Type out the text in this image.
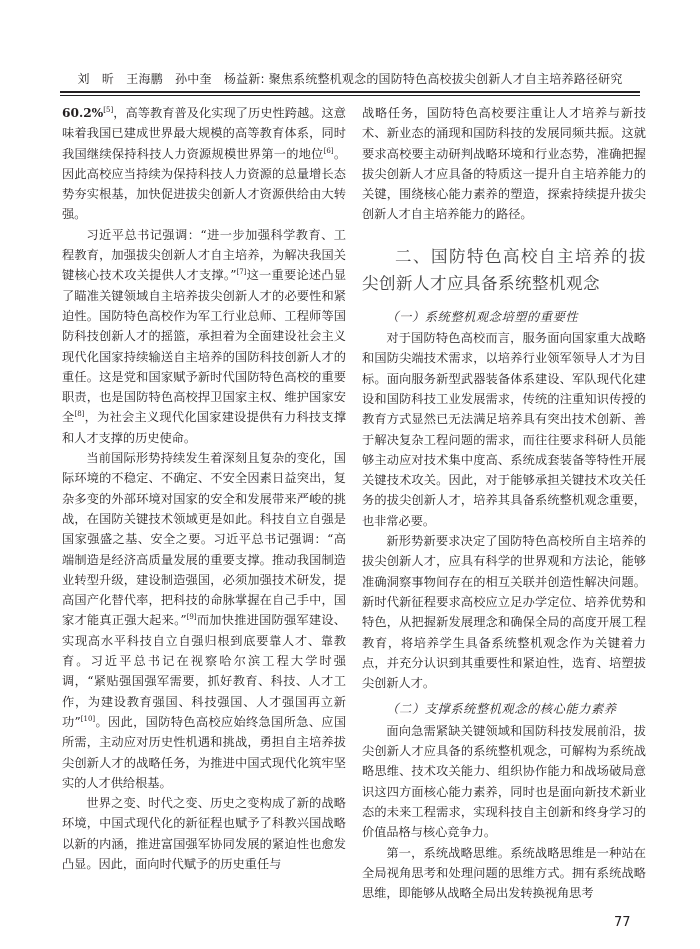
刘　昕　王海鹏　孙中奎　杨益新: 聚焦系统整机观念的国防特色高校拔尖创新人才自主培养路径研究

60.2%[5]，高等教育普及化实现了历史性跨越。这意味着我国已建成世界最大规模的高等教育体系，同时我国继续保持科技人力资源规模世界第一的地位[6]。因此高校应当持续为保持科技人力资源的总量增长态势夯实根基，加快促进拔尖创新人才资源供给由大转强。

习近平总书记强调：“进一步加强科学教育、工程教育，加强拔尖创新人才自主培养，为解决我国关键核心技术攻关提供人才支撑。”[7]这一重要论述凸显了瞄准关键领域自主培养拔尖创新人才的必要性和紧迫性。国防特色高校作为军工行业总师、工程师等国防科技创新人才的摇篮，承担着为全面建设社会主义现代化国家持续输送自主培养的国防科技创新人才的重任。这是党和国家赋予新时代国防特色高校的重要职责，也是国防特色高校捍卫国家主权、维护国家安全[8]，为社会主义现代化国家建设提供有力科技支撑和人才支撑的历史使命。

当前国际形势持续发生着深刻且复杂的变化，国际环境的不稳定、不确定、不安全因素日益突出，复杂多变的外部环境对国家的安全和发展带来严峻的挑战，在国防关键技术领域更是如此。科技自立自强是国家强盛之基、安全之要。习近平总书记强调：“高端制造是经济高质量发展的重要支撑。推动我国制造业转型升级，建设制造强国，必须加强技术研发，提高国产化替代率，把科技的命脉掌握在自己手中，国家才能真正强大起来。”[9]而加快推进国防强军建设、实现高水平科技自立自强归根到底要靠人才、靠教育。习近平总书记在视察哈尔滨工程大学时强调，“紧贴强国强军需要，抓好教育、科技、人才工作，为建设教育强国、科技强国、人才强国再立新功”[10]。因此，国防特色高校应始终急国所急、应国所需，主动应对历史性机遇和挑战，勇担自主培养拔尖创新人才的战略任务，为推进中国式现代化筑牢坚实的人才供给根基。

世界之变、时代之变、历史之变构成了新的战略环境，中国式现代化的新征程也赋予了科教兴国战略以新的内涵，推进富国强军协同发展的紧迫性也愈发凸显。因此，面向时代赋予的历史重任与

战略任务，国防特色高校要注重让人才培养与新技术、新业态的涌现和国防科技的发展同频共振。这就要求高校要主动研判战略环境和行业态势，准确把握拔尖创新人才应具备的特质这一提升自主培养能力的关键，围绕核心能力素养的塑造，探索持续提升拔尖创新人才自主培养能力的路径。

二、国防特色高校自主培养的拔尖创新人才应具备系统整机观念

（一）系统整机观念培塑的重要性

对于国防特色高校而言，服务面向国家重大战略和国防尖端技术需求，以培养行业领军领导人才为目标。面向服务新型武器装备体系建设、军队现代化建设和国防科技工业发展需求，传统的注重知识传授的教育方式显然已无法满足培养具有突出技术创新、善于解决复杂工程问题的需求，而往往要求科研人员能够主动应对技术集中度高、系统成套装备等特性开展关键技术攻关。因此，对于能够承担关键技术攻关任务的拔尖创新人才，培养其具备系统整机观念重要，也非常必要。

新形势新要求决定了国防特色高校所自主培养的拔尖创新人才，应具有科学的世界观和方法论，能够准确洞察事物间存在的相互关联并创造性解决问题。新时代新征程要求高校应立足办学定位、培养优势和特色，从把握新发展理念和确保全局的高度开展工程教育，将培养学生具备系统整机观念作为关键着力点，并充分认识到其重要性和紧迫性，选育、培塑拔尖创新人才。

（二）支撑系统整机观念的核心能力素养

面向急需紧缺关键领域和国防科技发展前沿，拔尖创新人才应具备的系统整机观念，可解构为系统战略思维、技术攻关能力、组织协作能力和战场破局意识这四方面核心能力素养，同时也是面向新技术新业态的未来工程需求，实现科技自主创新和终身学习的价值品格与核心竞争力。

第一，系统战略思维。系统战略思维是一种站在全局视角思考和处理问题的思维方式。拥有系统战略思维，即能够从战略全局出发转换视角思考

77
